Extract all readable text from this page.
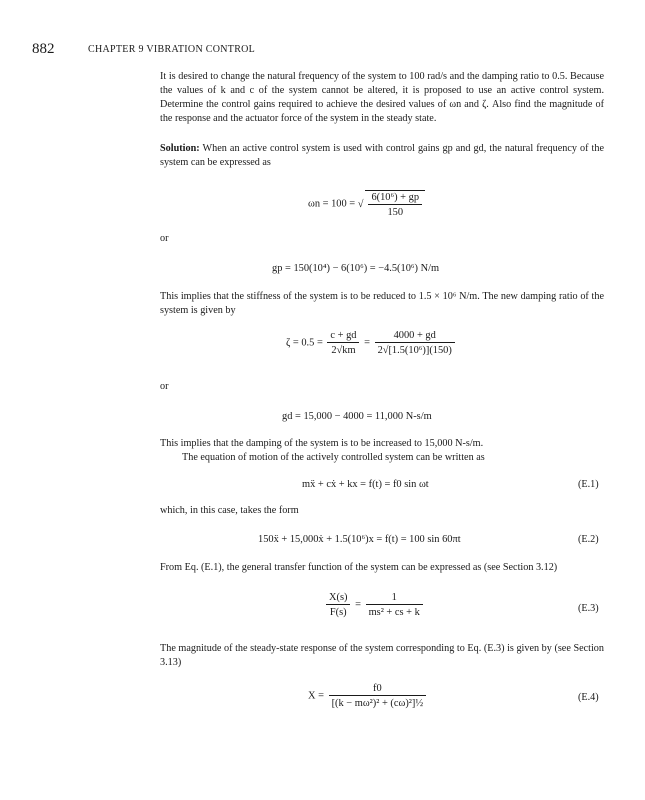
882	CHAPTER 9 VIBRATION CONTROL

It is desired to change the natural frequency of the system to 100 rad/s and the damping ratio to 0.5. Because the values of k and c of the system cannot be altered, it is proposed to use an active control system. Determine the control gains required to achieve the desired values of ωn and ζ. Also find the magnitude of the response and the actuator force of the system in the steady state.

Solution: When an active control system is used with control gains gp and gd, the natural frequency of the system can be expressed as

ωn = 100 = √ $\frac{\text{6(10⁶) + gp}}{150}$
or
gp = 150(10⁴) − 6(10⁶) = −4.5(10⁶) N/m

This implies that the stiffness of the system is to be reduced to 1.5 × 10⁶ N/m. The new damping ratio of the system is given by

$\zeta = 0.5 = \frac{c + gd}{2√km} = \frac{4000 + gd}{\text{2√[1.5(10⁶)](150)}}$
or
gd = 15,000 − 4000 = 11,000 N-s/m

This implies that the damping of the system is to be increased to 15,000 N-s/m.

The equation of motion of the actively controlled system can be written as

mẍ + cẋ + kx = f(t) = f0 sin ωt	(E.1)
which, in this case, takes the form
150ẍ + 15,000ẋ + 1.5(10⁶)x = f(t) = 100 sin 60πt	(E.2)

From Eq. (E.1), the general transfer function of the system can be expressed as (see Section 3.12)

$\frac{X(s)}{F(s)} = \frac{1}{\text{ms² + cs + k}}$	(E.3)

The magnitude of the steady-state response of the system corresponding to Eq. (E.3) is given by (see Section 3.13)

$X = \frac{f0}{\text{[(k − mω²)² + (cω)²]½}}$	(E.4)
